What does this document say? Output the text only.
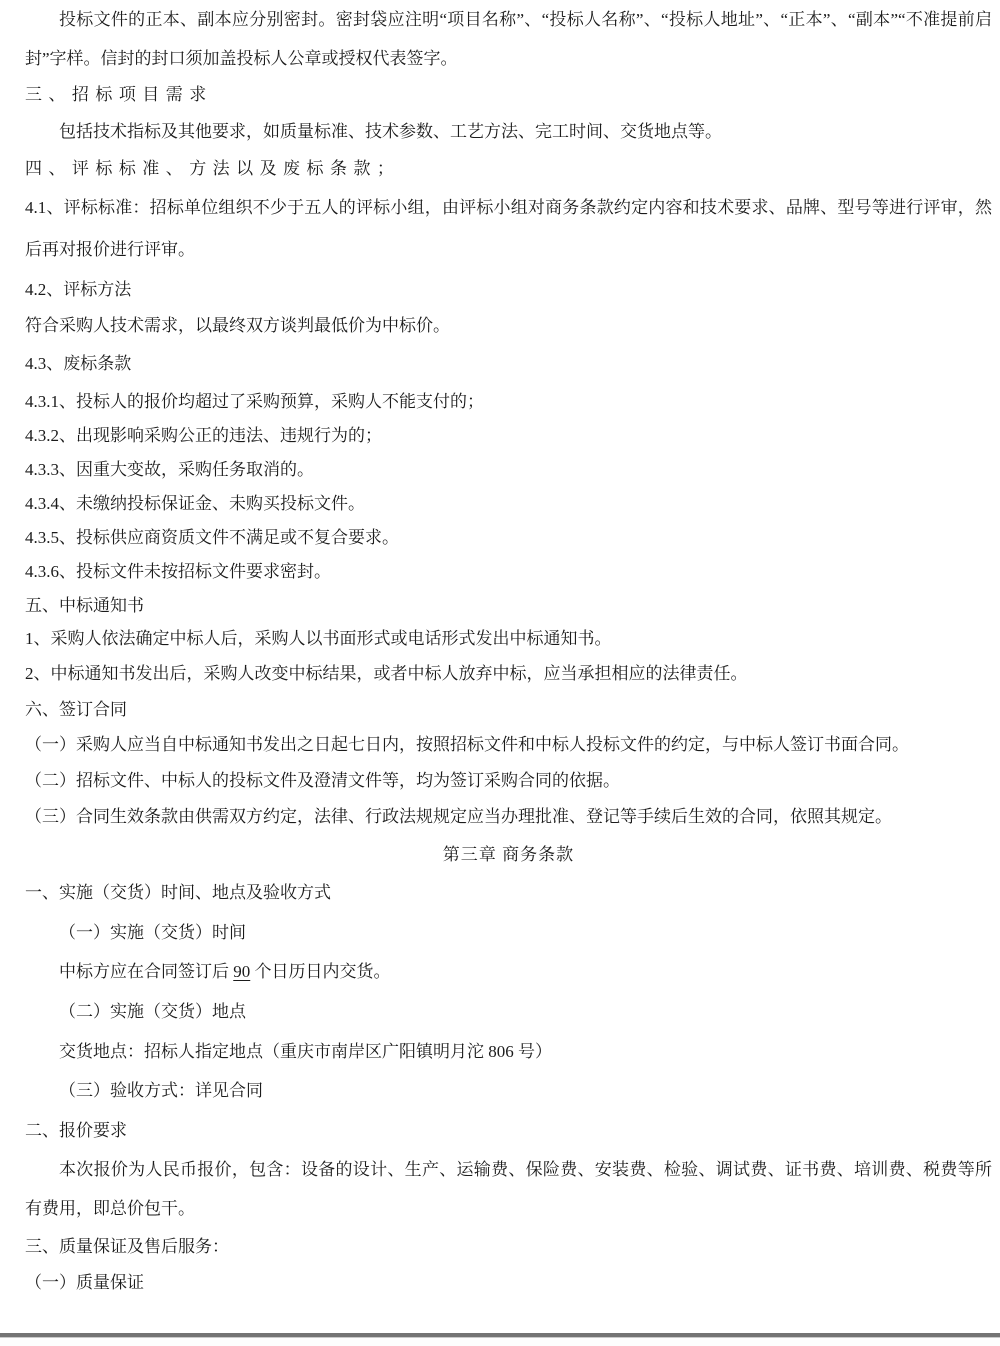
投标文件的正本、副本应分别密封。密封袋应注明“项目名称”、“投标人名称”、“投标人地址”、“正本”、“副本”“不准提前启封”字样。信封的封口须加盖投标人公章或授权代表签字。

三、招标项目需求

包括技术指标及其他要求，如质量标准、技术参数、工艺方法、完工时间、交货地点等。

四、评标标准、方法以及废标条款；

4.1、评标标准：招标单位组织不少于五人的评标小组，由评标小组对商务条款约定内容和技术要求、品牌、型号等进行评审，然后再对报价进行评审。

4.2、评标方法

符合采购人技术需求，以最终双方谈判最低价为中标价。

4.3、废标条款

4.3.1、投标人的报价均超过了采购预算，采购人不能支付的；

4.3.2、出现影响采购公正的违法、违规行为的；

4.3.3、因重大变故，采购任务取消的。

4.3.4、未缴纳投标保证金、未购买投标文件。

4.3.5、投标供应商资质文件不满足或不复合要求。

4.3.6、投标文件未按招标文件要求密封。

五、中标通知书

1、采购人依法确定中标人后，采购人以书面形式或电话形式发出中标通知书。

2、中标通知书发出后，采购人改变中标结果，或者中标人放弃中标，应当承担相应的法律责任。

六、签订合同

（一）采购人应当自中标通知书发出之日起七日内，按照招标文件和中标人投标文件的约定，与中标人签订书面合同。

（二）招标文件、中标人的投标文件及澄清文件等，均为签订采购合同的依据。

（三）合同生效条款由供需双方约定，法律、行政法规规定应当办理批准、登记等手续后生效的合同，依照其规定。

第三章 商务条款
一、实施（交货）时间、地点及验收方式

（一）实施（交货）时间

中标方应在合同签订后 90 个日历日内交货。

（二）实施（交货）地点

交货地点：招标人指定地点（重庆市南岸区广阳镇明月沱 806 号）

（三）验收方式：详见合同

二、报价要求

本次报价为人民币报价，包含：设备的设计、生产、运输费、保险费、安装费、检验、调试费、证书费、培训费、税费等所有费用，即总价包干。

三、质量保证及售后服务：

（一）质量保证
